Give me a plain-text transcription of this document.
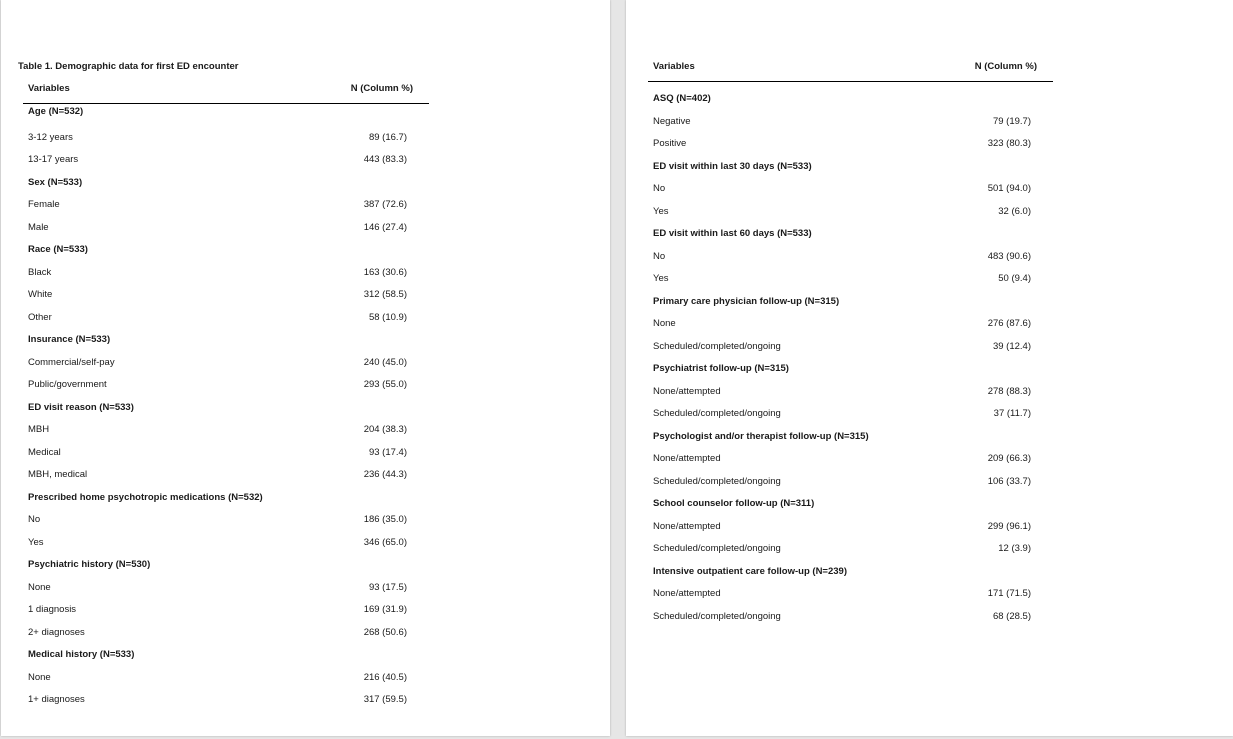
Table 1. Demographic data for first ED encounter
Variables	N (Column %)
Age (N=532)
3-12 years	89 (16.7)
13-17 years	443 (83.3)
Sex (N=533)
Female	387 (72.6)
Male	146 (27.4)
Race (N=533)
Black	163 (30.6)
White	312 (58.5)
Other	58 (10.9)
Insurance (N=533)
Commercial/self-pay	240 (45.0)
Public/government	293 (55.0)
ED visit reason (N=533)
MBH	204 (38.3)
Medical	93 (17.4)
MBH, medical	236 (44.3)
Prescribed home psychotropic medications (N=532)
No	186 (35.0)
Yes	346 (65.0)
Psychiatric history (N=530)
None	93 (17.5)
1 diagnosis	169 (31.9)
2+ diagnoses	268 (50.6)
Medical history (N=533)
None	216 (40.5)
1+ diagnoses	317 (59.5)
Variables	N (Column %)
ASQ (N=402)
Negative	79 (19.7)
Positive	323 (80.3)
ED visit within last 30 days (N=533)
No	501 (94.0)
Yes	32 (6.0)
ED visit within last 60 days (N=533)
No	483 (90.6)
Yes	50 (9.4)
Primary care physician follow-up (N=315)
None	276 (87.6)
Scheduled/completed/ongoing	39 (12.4)
Psychiatrist follow-up (N=315)
None/attempted	278 (88.3)
Scheduled/completed/ongoing	37 (11.7)
Psychologist and/or therapist follow-up (N=315)
None/attempted	209 (66.3)
Scheduled/completed/ongoing	106 (33.7)
School counselor follow-up (N=311)
None/attempted	299 (96.1)
Scheduled/completed/ongoing	12 (3.9)
Intensive outpatient care follow-up (N=239)
None/attempted	171 (71.5)
Scheduled/completed/ongoing	68 (28.5)
